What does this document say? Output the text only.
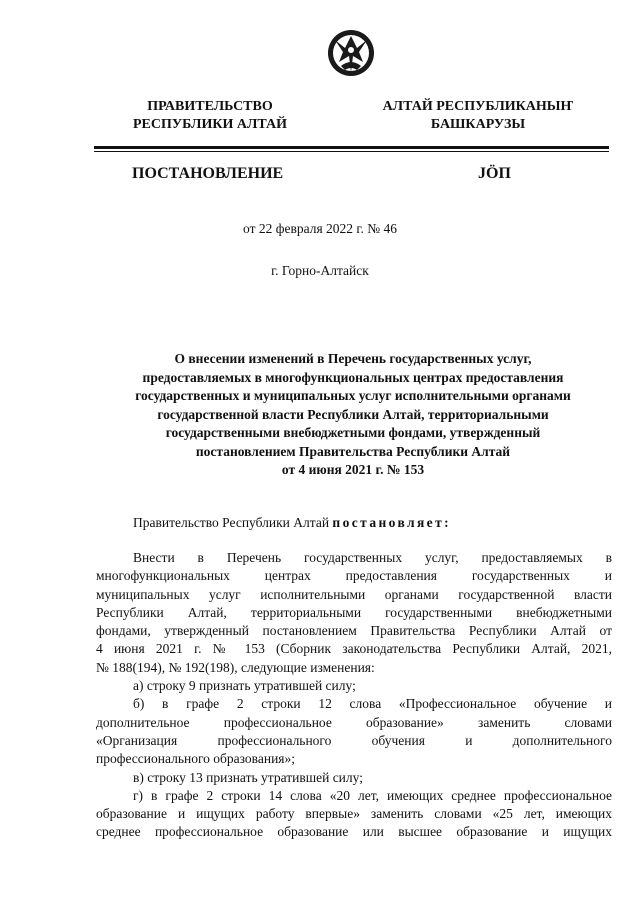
ПРАВИТЕЛЬСТВО
РЕСПУБЛИКИ АЛТАЙ
АЛТАЙ РЕСПУБЛИКАНЫҤ
БАШКАРУЗЫ
ПОСТАНОВЛЕНИЕ	JÖП
от 22 февраля 2022 г. № 46
г. Горно-Алтайск
О внесении изменений в Перечень государственных услуг,
предоставляемых в многофункциональных центрах предоставления
государственных и муниципальных услуг исполнительными органами
государственной власти Республики Алтай, территориальными
государственными внебюджетными фондами, утвержденный
постановлением Правительства Республики Алтай
от 4 июня 2021 г. № 153
Правительство Республики Алтай постановляет:
Внести в Перечень государственных услуг, предоставляемых в
многофункциональных центрах предоставления государственных и
муниципальных услуг исполнительными органами государственной власти
Республики Алтай, территориальными государственными внебюджетными
фондами, утвержденный постановлением Правительства Республики Алтай от
4 июня 2021 г. № 153 (Сборник законодательства Республики Алтай, 2021,
№ 188(194), № 192(198), следующие изменения:
а) строку 9 признать утратившей силу;
б) в графе 2 строки 12 слова «Профессиональное обучение и
дополнительное профессиональное образование» заменить словами
«Организация профессионального обучения и дополнительного
профессионального образования»;
в) строку 13 признать утратившей силу;
г) в графе 2 строки 14 слова «20 лет, имеющих среднее профессиональное
образование и ищущих работу впервые» заменить словами «25 лет, имеющих
среднее профессиональное образование или высшее образование и ищущих
